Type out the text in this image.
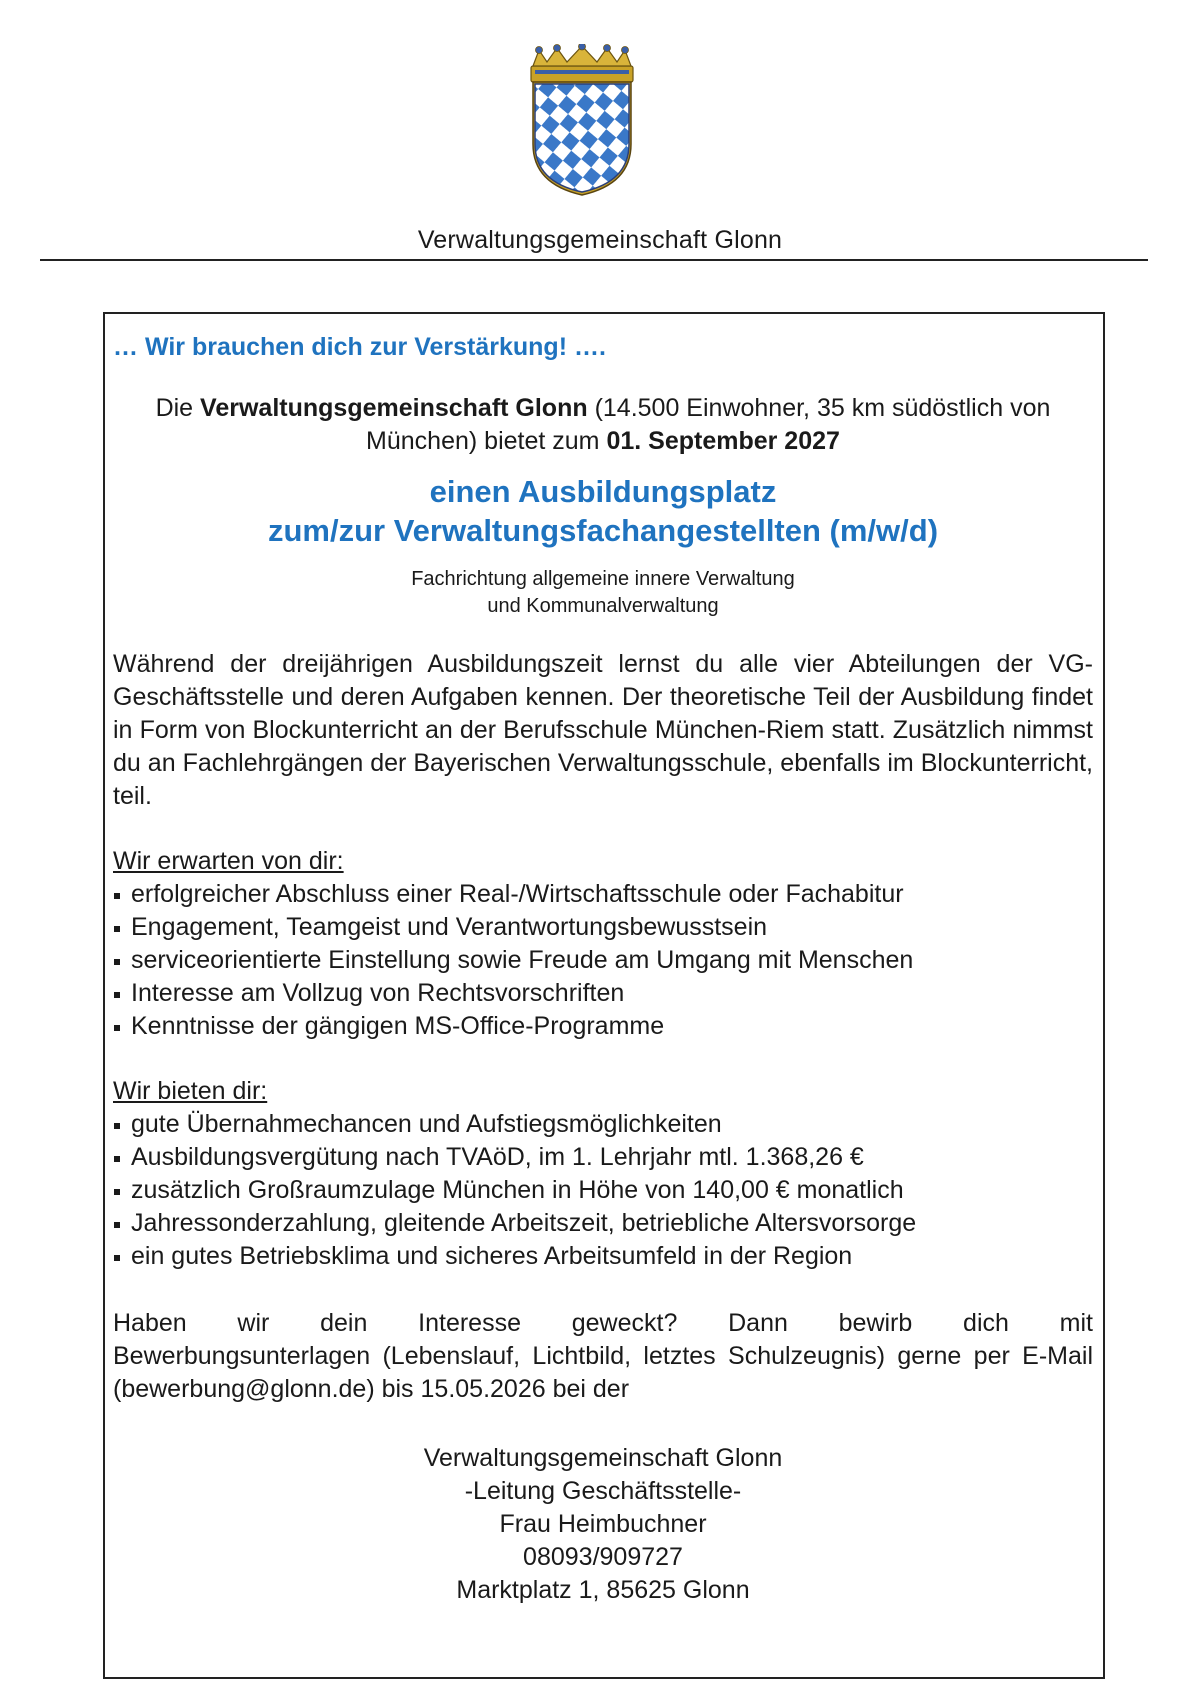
Verwaltungsgemeinschaft Glonn

… Wir brauchen dich zur Verstärkung! ….

Die Verwaltungsgemeinschaft Glonn (14.500 Einwohner, 35 km südöstlich von München) bietet zum 01. September 2027

einen Ausbildungsplatz
zum/zur Verwaltungsfachangestellten (m/w/d)
Fachrichtung allgemeine innere Verwaltung
und Kommunalverwaltung

Während der dreijährigen Ausbildungszeit lernst du alle vier Abteilungen der VG-Geschäftsstelle und deren Aufgaben kennen. Der theoretische Teil der Ausbildung findet in Form von Blockunterricht an der Berufsschule München-Riem statt. Zusätzlich nimmst du an Fachlehrgängen der Bayerischen Verwaltungsschule, ebenfalls im Blockunterricht, teil.

Wir erwarten von dir:
erfolgreicher Abschluss einer Real-/Wirtschaftsschule oder Fachabitur
Engagement, Teamgeist und Verantwortungsbewusstsein
serviceorientierte Einstellung sowie Freude am Umgang mit Menschen
Interesse am Vollzug von Rechtsvorschriften
Kenntnisse der gängigen MS-Office-Programme
Wir bieten dir:
gute Übernahmechancen und Aufstiegsmöglichkeiten
Ausbildungsvergütung nach TVAöD, im 1. Lehrjahr mtl. 1.368,26 €
zusätzlich Großraumzulage München in Höhe von 140,00 € monatlich
Jahressonderzahlung, gleitende Arbeitszeit, betriebliche Altersvorsorge
ein gutes Betriebsklima und sicheres Arbeitsumfeld in der Region
Haben wir dein Interesse geweckt? Dann bewirb dich mit
Bewerbungsunterlagen (Lebenslauf, Lichtbild, letztes Schulzeugnis) gerne per E-Mail (bewerbung@glonn.de) bis 15.05.2026 bei der
Verwaltungsgemeinschaft Glonn
-Leitung Geschäftsstelle-
Frau Heimbuchner
08093/909727
Marktplatz 1, 85625 Glonn
